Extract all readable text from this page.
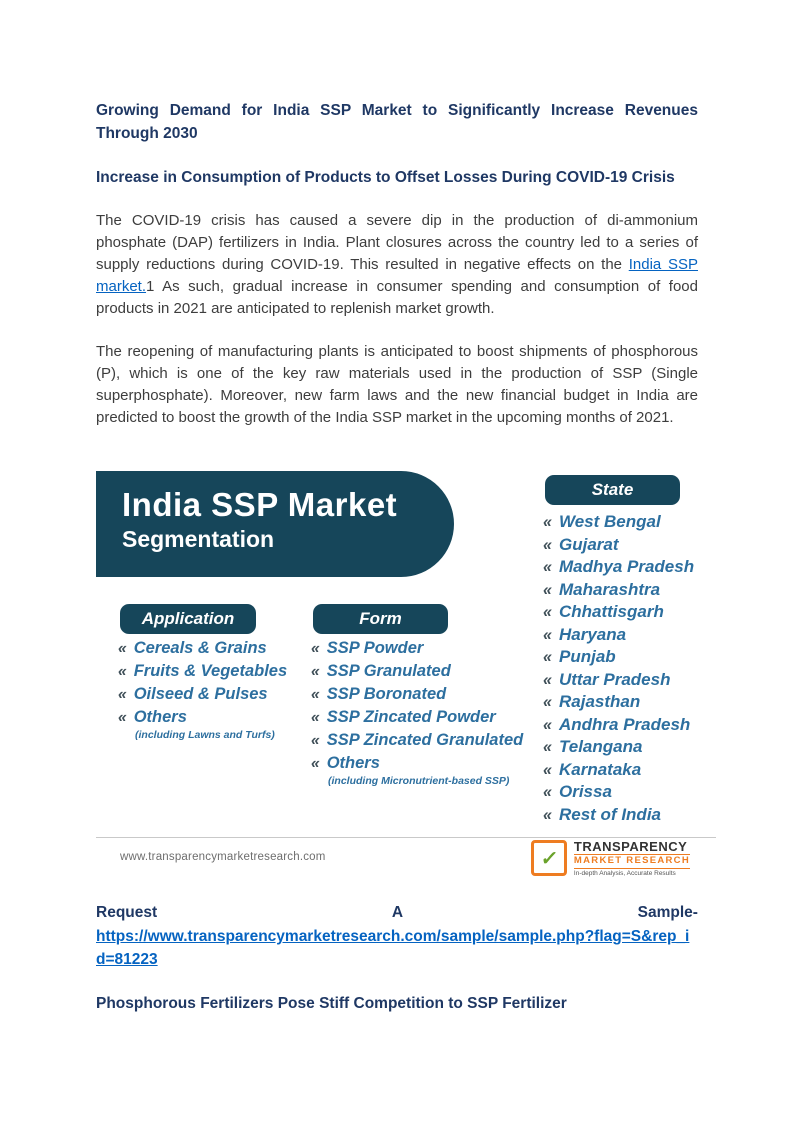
Growing Demand for India SSP Market to Significantly Increase Revenues Through 2030
Increase in Consumption of Products to Offset Losses During COVID-19 Crisis

The COVID-19 crisis has caused a severe dip in the production of di-ammonium phosphate (DAP) fertilizers in India. Plant closures across the country led to a series of supply reductions during COVID-19. This resulted in negative effects on the India SSP market.1 As such, gradual increase in consumer spending and consumption of food products in 2021 are anticipated to replenish market growth.

The reopening of manufacturing plants is anticipated to boost shipments of phosphorous (P), which is one of the key raw materials used in the production of SSP (Single superphosphate). Moreover, new farm laws and the new financial budget in India are predicted to boost the growth of the India SSP market in the upcoming months of 2021.

India SSP Market
Segmentation
Application
« Cereals & Grains
« Fruits & Vegetables
« Oilseed & Pulses
« Others
(including Lawns and Turfs)
Form
« SSP Powder
« SSP Granulated
« SSP Boronated
« SSP Zincated Powder
« SSP Zincated Granulated
« Others
(including Micronutrient-based SSP)
State
« West Bengal
« Gujarat
« Madhya Pradesh
« Maharashtra
« Chhattisgarh
« Haryana
« Punjab
« Uttar Pradesh
« Rajasthan
« Andhra Pradesh
« Telangana
« Karnataka
« Orissa
« Rest of India
www.transparencymarketresearch.com	✓
TRANSPARENCY
MARKET RESEARCH
In-depth Analysis, Accurate Results
Request	A	Sample-
https://www.transparencymarketresearch.com/sample/sample.php?flag=S&rep_id=81223
Phosphorous Fertilizers Pose Stiff Competition to SSP Fertilizer
